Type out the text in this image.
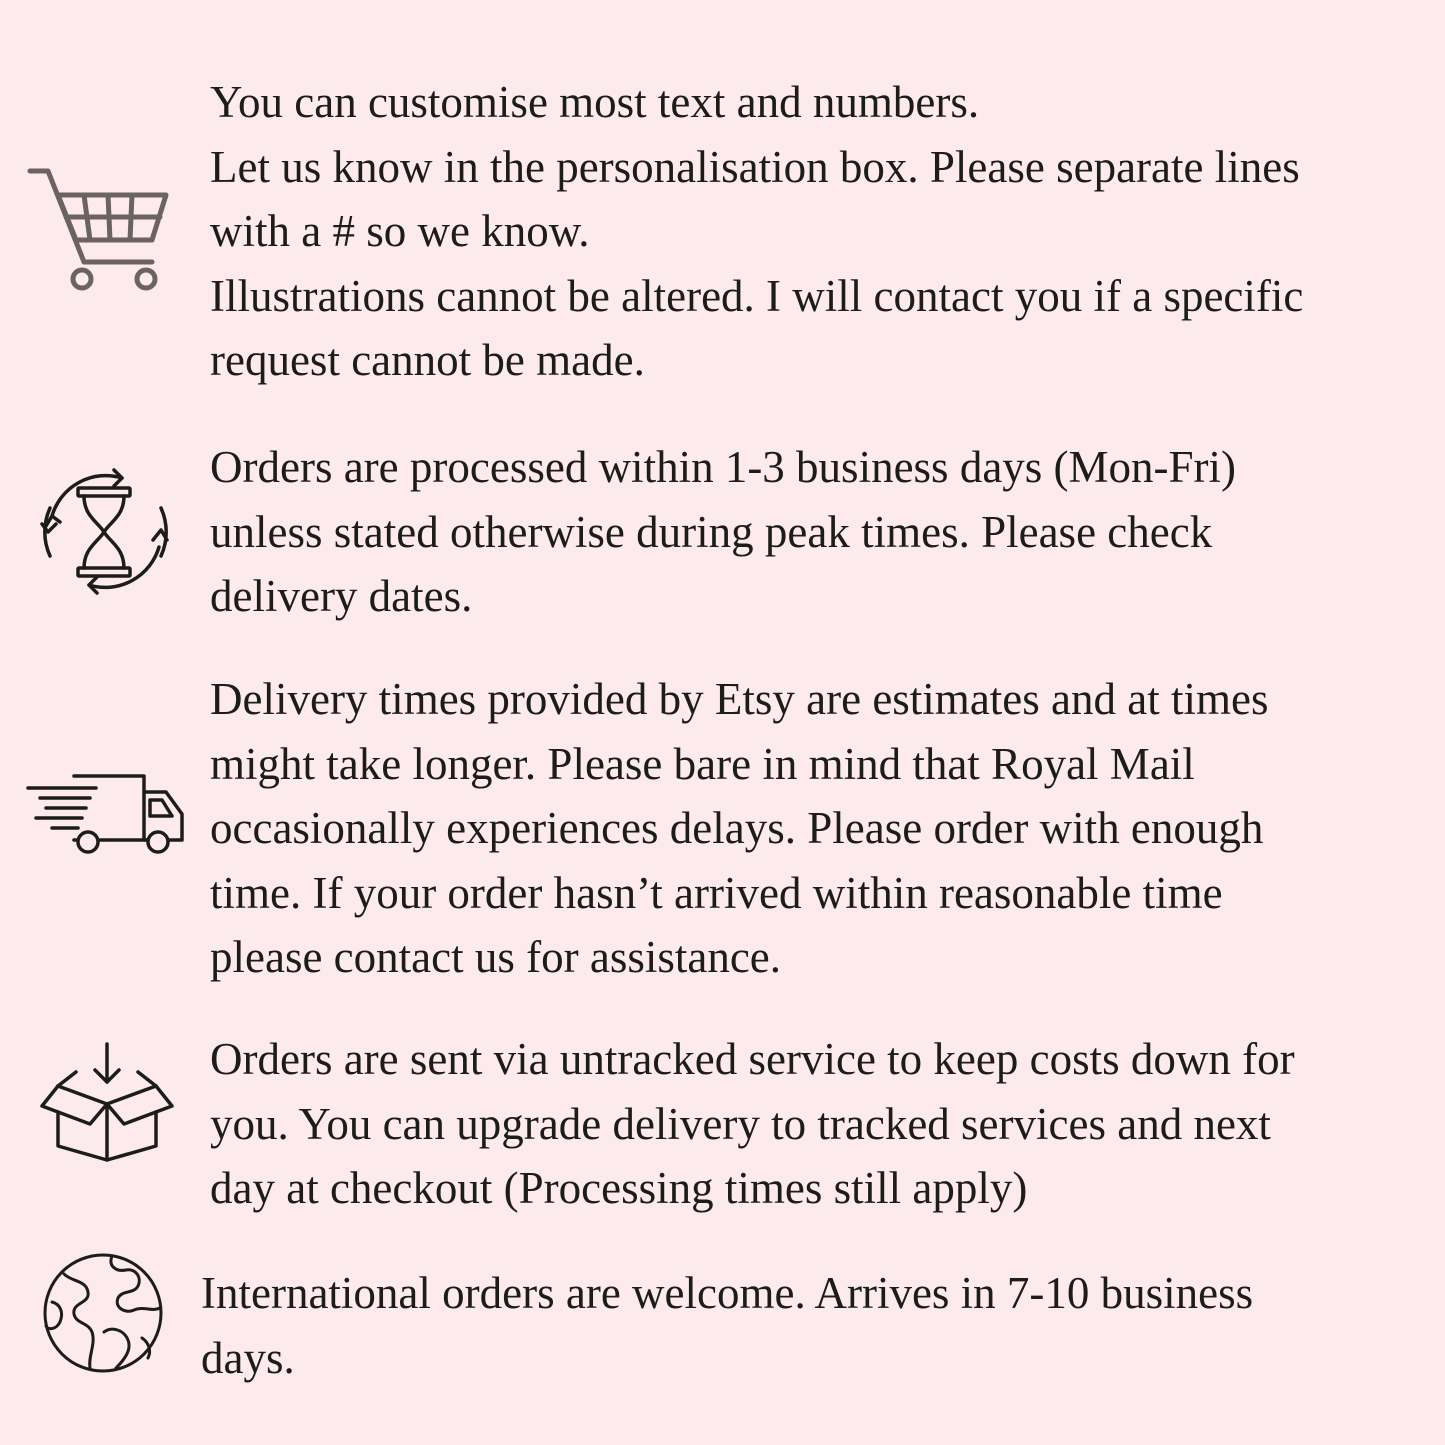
You can customise most text and numbers.
Let us know in the personalisation box. Please separate lines
with a # so we know.
Illustrations cannot be altered. I will contact you if a specific
request cannot be made.

Orders are processed within 1-3 business days (Mon-Fri)
unless stated otherwise during peak times. Please check
delivery dates.

Delivery times provided by Etsy are estimates and at times
might take longer. Please bare in mind that Royal Mail
occasionally experiences delays. Please order with enough
time. If your order hasn’t arrived within reasonable time
please contact us for assistance.

Orders are sent via untracked service to keep costs down for
you. You can upgrade delivery to tracked services and next
day at checkout (Processing times still apply)

International orders are welcome. Arrives in 7-10 business
days.
